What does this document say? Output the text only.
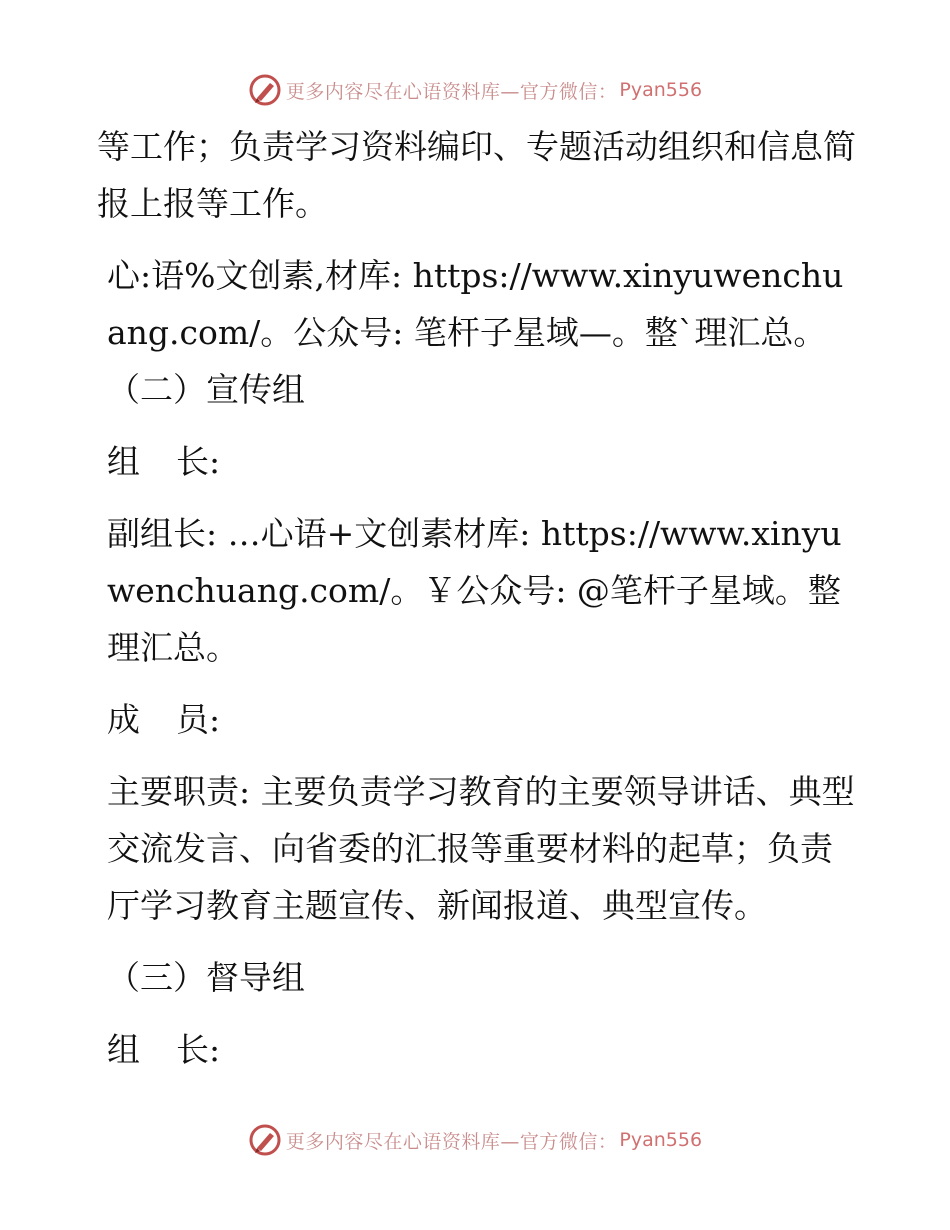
更多内容尽在心语资料库—官方微信： Pyan556
等工作；负责学习资料编印、专题活动组织和信息简报上报等工作。
心:语%文创素,材库: https://www.xinyuwenchuang.com/。公众号: 笔杆子星域—。整`理汇总。（二）宣传组
组 长:
副组长: …心语+文创素材库: https://www.xinyuwenchuang.com/。￥公众号: @笔杆子星域。整理汇总。
成 员:
主要职责: 主要负责学习教育的主要领导讲话、典型交流发言、向省委的汇报等重要材料的起草；负责厅学习教育主题宣传、新闻报道、典型宣传。
（三）督导组
组 长:
更多内容尽在心语资料库—官方微信： Pyan556
